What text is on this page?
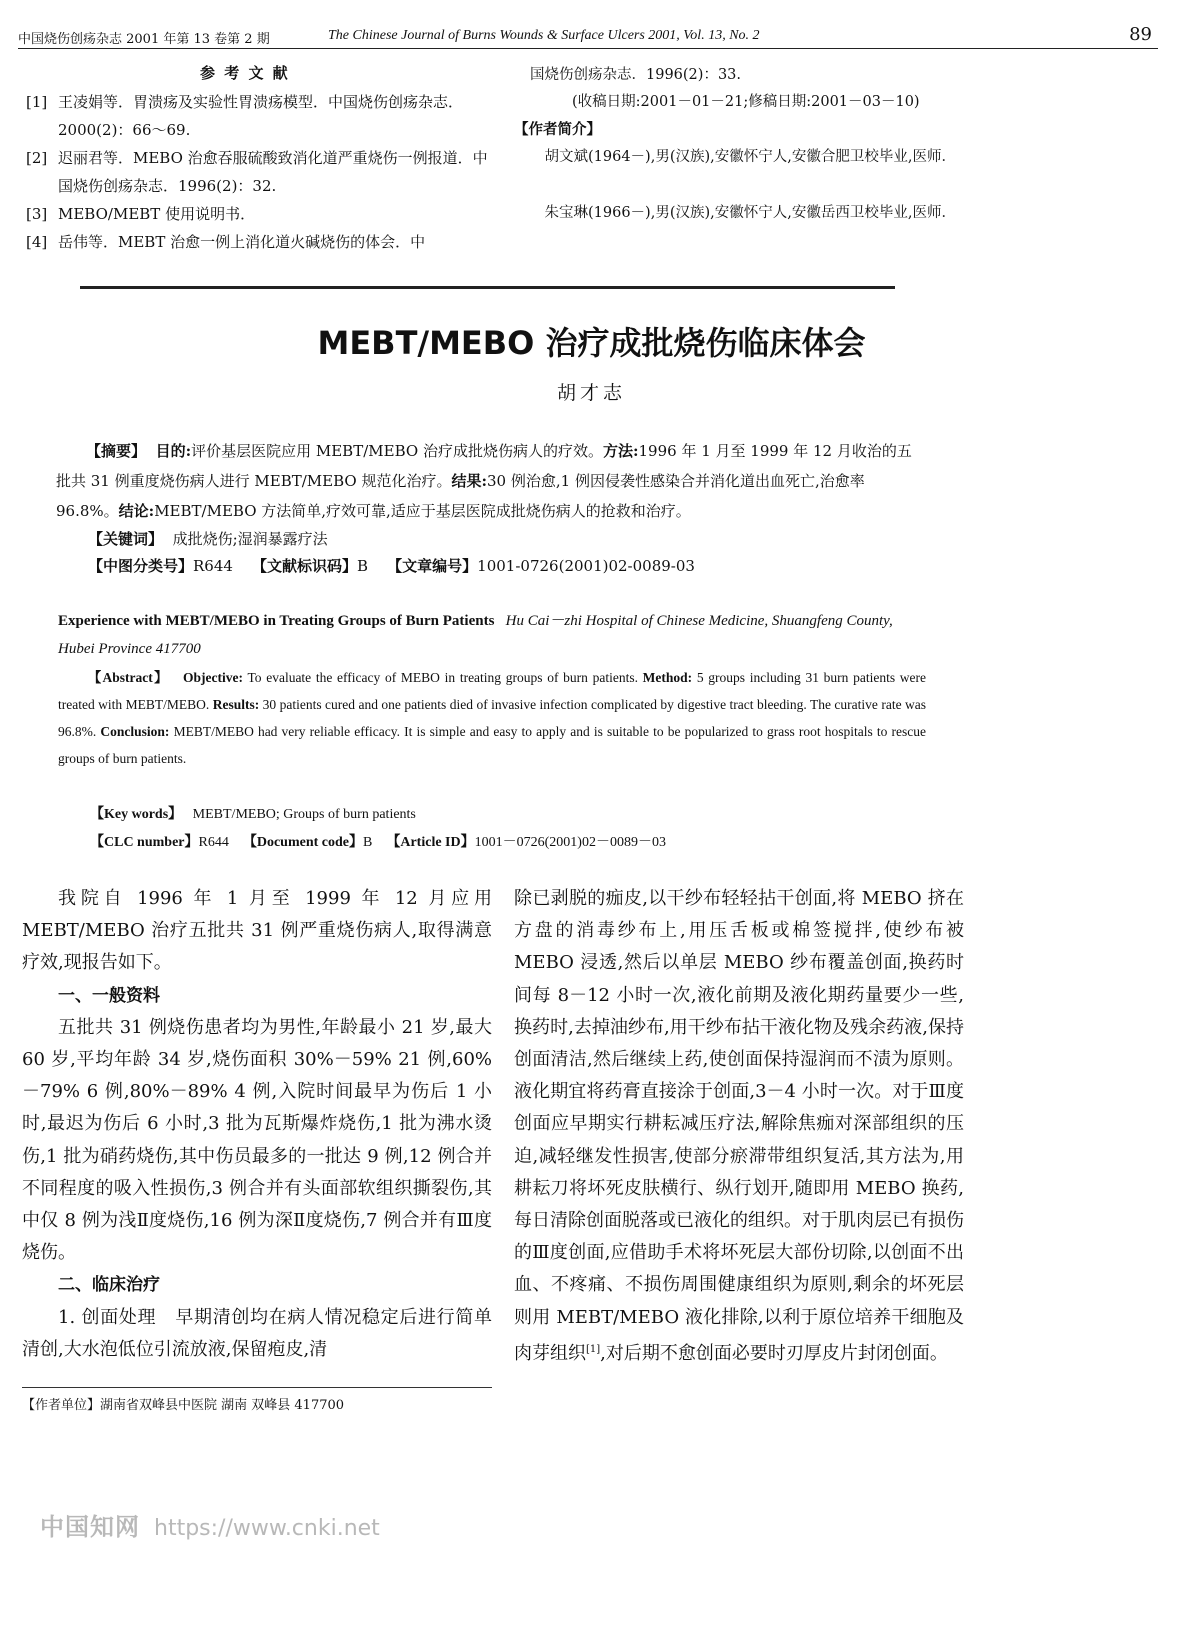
中国烧伤创疡杂志 2001 年第 13 卷第 2 期	The Chinese Journal of Burns Wounds & Surface Ulcers 2001, Vol. 13, No. 2	89
参 考 文 献
[1] 王凌娟等．胃溃疡及实验性胃溃疡模型．中国烧伤创疡杂志．2000(2)：66～69.
[2] 迟丽君等．MEBO 治愈吞服硫酸致消化道严重烧伤一例报道．中国烧伤创疡杂志．1996(2)：32.
[3] MEBO/MEBT 使用说明书．
[4] 岳伟等．MEBT 治愈一例上消化道火碱烧伤的体会．中
国烧伤创疡杂志．1996(2)：33.
(收稿日期:2001－01－21;修稿日期:2001－03－10)
【作者简介】
胡文斌(1964－),男(汉族),安徽怀宁人,安徽合肥卫校毕业,医师．
朱宝琳(1966－),男(汉族),安徽怀宁人,安徽岳西卫校毕业,医师．
MEBT/MEBO 治疗成批烧伤临床体会
胡才志
【摘要】 目的:评价基层医院应用 MEBT/MEBO 治疗成批烧伤病人的疗效。方法:1996 年 1 月至 1999 年 12 月收治的五批共 31 例重度烧伤病人进行 MEBT/MEBO 规范化治疗。结果:30 例治愈,1 例因侵袭性感染合并消化道出血死亡,治愈率 96.8%。结论:MEBT/MEBO 方法简单,疗效可靠,适应于基层医院成批烧伤病人的抢救和治疗。
【关键词】 成批烧伤;湿润暴露疗法
【中图分类号】R644 【文献标识码】B 【文章编号】1001-0726(2001)02-0089-03
Experience with MEBT/MEBO in Treating Groups of Burn Patients Hu Cai－zhi Hospital of Chinese Medicine, Shuangfeng County, Hubei Province 417700
【Abstract】 Objective: To evaluate the efficacy of MEBO in treating groups of burn patients. Method: 5 groups including 31 burn patients were treated with MEBT/MEBO. Results: 30 patients cured and one patients died of invasive infection complicated by digestive tract bleeding. The curative rate was 96.8%. Conclusion: MEBT/MEBO had very reliable efficacy. It is simple and easy to apply and is suitable to be popularized to grass root hospitals to rescue groups of burn patients.
【Key words】 MEBT/MEBO; Groups of burn patients
【CLC number】R644 【Document code】B 【Article ID】1001－0726(2001)02－0089－03

我院自 1996 年 1 月至 1999 年 12 月应用 MEBT/MEBO 治疗五批共 31 例严重烧伤病人,取得满意疗效,现报告如下。

一、一般资料

五批共 31 例烧伤患者均为男性,年龄最小 21 岁,最大 60 岁,平均年龄 34 岁,烧伤面积 30%－59% 21 例,60%－79% 6 例,80%－89% 4 例,入院时间最早为伤后 1 小时,最迟为伤后 6 小时,3 批为瓦斯爆炸烧伤,1 批为沸水烫伤,1 批为硝药烧伤,其中伤员最多的一批达 9 例,12 例合并不同程度的吸入性损伤,3 例合并有头面部软组织撕裂伤,其中仅 8 例为浅Ⅱ度烧伤,16 例为深Ⅱ度烧伤,7 例合并有Ⅲ度烧伤。

二、临床治疗

1. 创面处理 早期清创均在病人情况稳定后进行简单清创,大水泡低位引流放液,保留疱皮,清

除已剥脱的痂皮,以干纱布轻轻拈干创面,将 MEBO 挤在方盘的消毒纱布上,用压舌板或棉签搅拌,使纱布被 MEBO 浸透,然后以单层 MEBO 纱布覆盖创面,换药时间每 8－12 小时一次,液化前期及液化期药量要少一些,换药时,去掉油纱布,用干纱布拈干液化物及残余药液,保持创面清洁,然后继续上药,使创面保持湿润而不渍为原则。液化期宜将药膏直接涂于创面,3－4 小时一次。对于Ⅲ度创面应早期实行耕耘减压疗法,解除焦痂对深部组织的压迫,减轻继发性损害,使部分瘀滞带组织复活,其方法为,用耕耘刀将坏死皮肤横行、纵行划开,随即用 MEBO 换药,每日清除创面脱落或已液化的组织。对于肌肉层已有损伤的Ⅲ度创面,应借助手术将坏死层大部份切除,以创面不出血、不疼痛、不损伤周围健康组织为原则,剩余的坏死层则用 MEBT/MEBO 液化排除,以利于原位培养干细胞及肉芽组织[1],对后期不愈创面必要时刃厚皮片封闭创面。

【作者单位】湖南省双峰县中医院 湖南 双峰县 417700
中国知网 https://www.cnki.net
